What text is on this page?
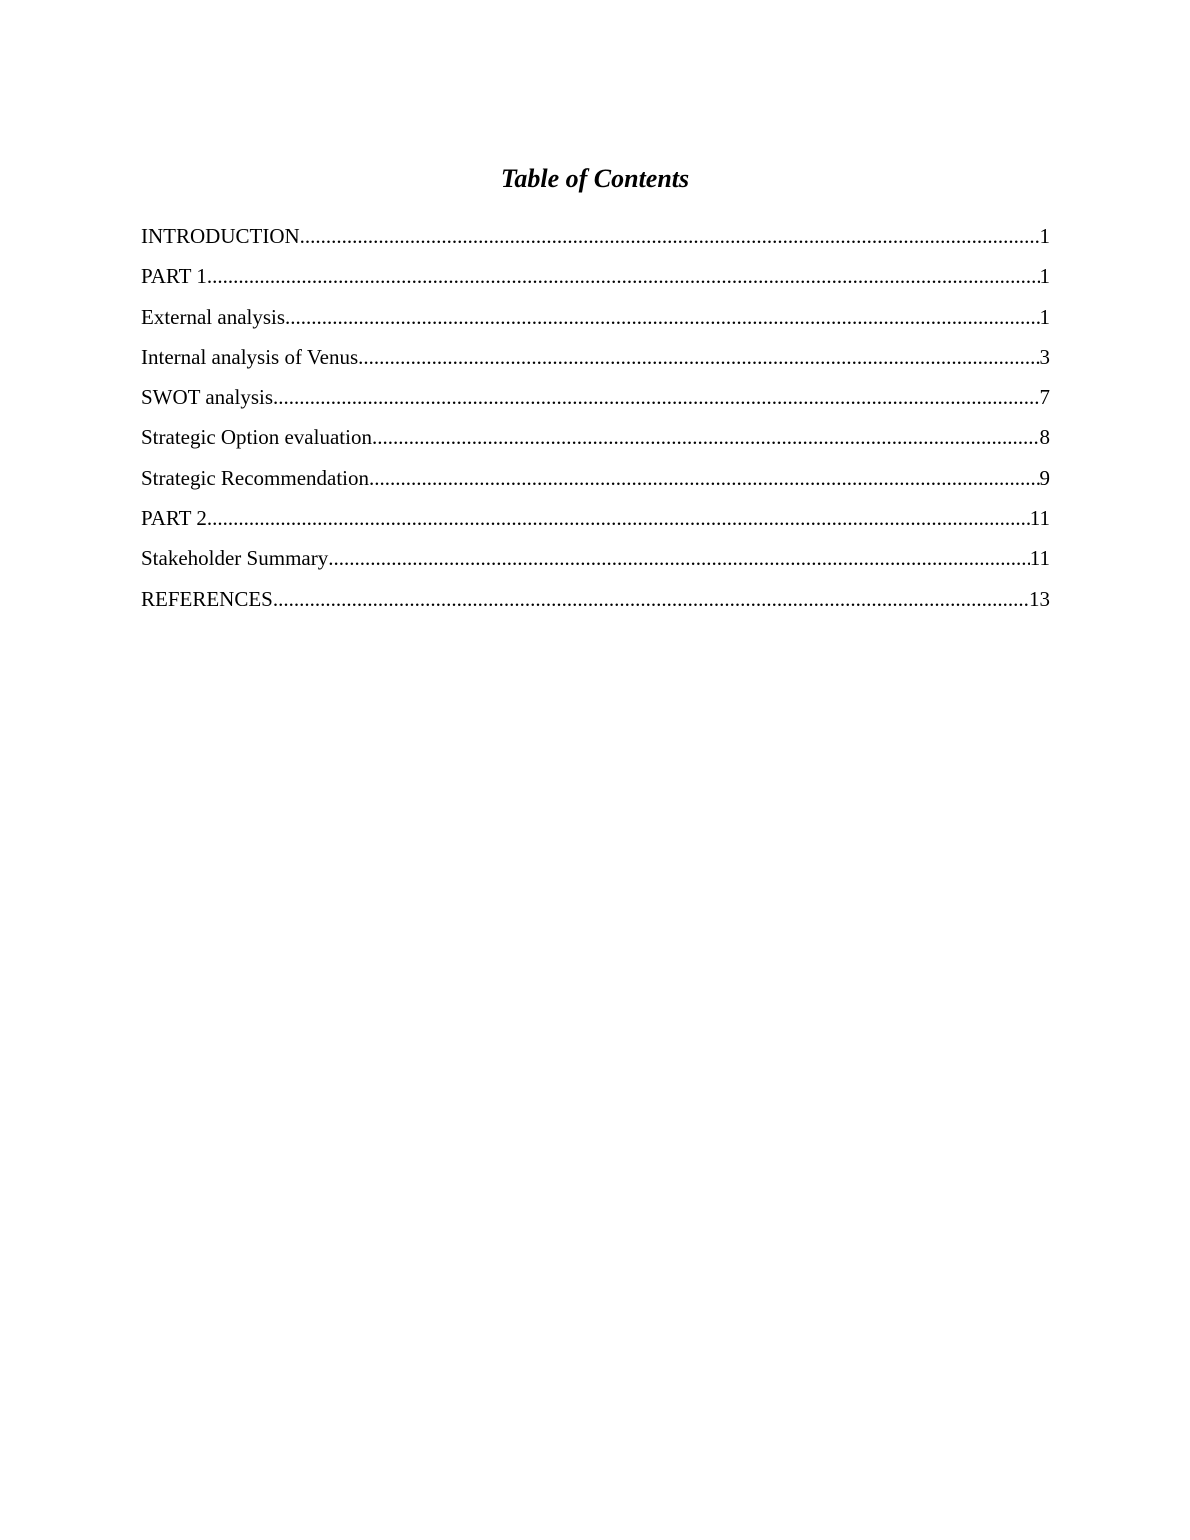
Table of Contents
INTRODUCTION .....	1
PART 1 .....	1
External analysis .....	1
Internal analysis of Venus .....	3
SWOT analysis .....	7
Strategic Option evaluation .....	8
Strategic Recommendation .....	9
PART 2 .....	11
Stakeholder Summary .....	11
REFERENCES .....	13
